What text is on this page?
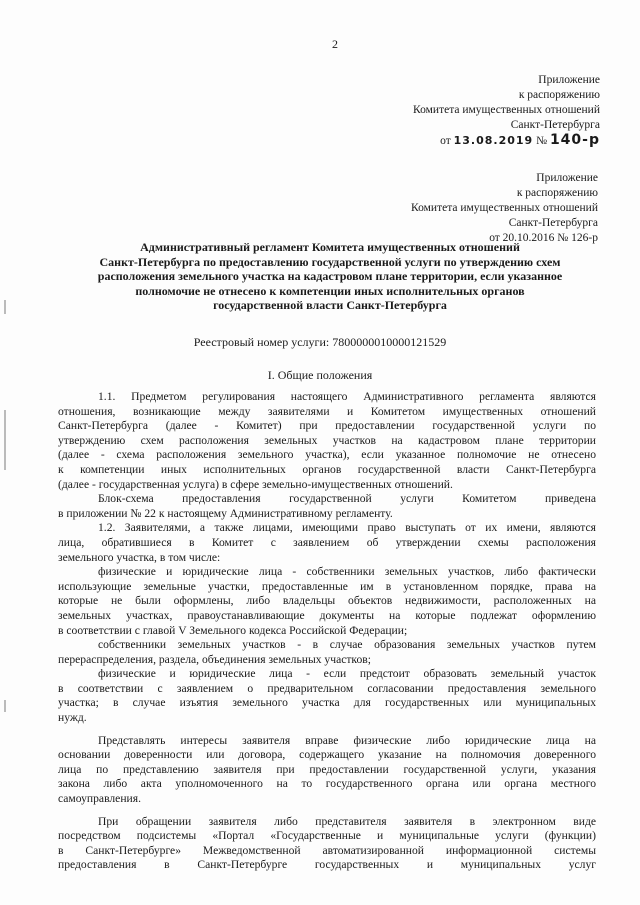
2
Приложение
к распоряжению
Комитета имущественных отношений
Санкт-Петербурга
от 13.08.2019 № 140-р
Приложение
к распоряжению
Комитета имущественных отношений
Санкт-Петербурга
от 20.10.2016 № 126-р
Административный регламент Комитета имущественных отношений
Санкт-Петербурга по предоставлению государственной услуги по утверждению схем
расположения земельного участка на кадастровом плане территории, если указанное
полномочие не отнесено к компетенции иных исполнительных органов
государственной власти Санкт-Петербурга
Реестровый номер услуги: 7800000010000121529
I. Общие положения
1.1. Предметом регулирования настоящего Административного регламента являются
отношения, возникающие между заявителями и Комитетом имущественных отношений
Санкт-Петербурга (далее - Комитет) при предоставлении государственной услуги по
утверждению схем расположения земельных участков на кадастровом плане территории
(далее - схема расположения земельного участка), если указанное полномочие не отнесено
к компетенции иных исполнительных органов государственной власти Санкт-Петербурга
(далее - государственная услуга) в сфере земельно-имущественных отношений.
Блок-схема предоставления государственной услуги Комитетом приведена
в приложении № 22 к настоящему Административному регламенту.
1.2. Заявителями, а также лицами, имеющими право выступать от их имени, являются
лица, обратившиеся в Комитет с заявлением об утверждении схемы расположения
земельного участка, в том числе:
физические и юридические лица - собственники земельных участков, либо фактически
использующие земельные участки, предоставленные им в установленном порядке, права на
которые не были оформлены, либо владельцы объектов недвижимости, расположенных на
земельных участках, правоустанавливающие документы на которые подлежат оформлению
в соответствии с главой V Земельного кодекса Российской Федерации;
собственники земельных участков - в случае образования земельных участков путем
перераспределения, раздела, объединения земельных участков;
физические и юридические лица - если предстоит образовать земельный участок
в соответствии с заявлением о предварительном согласовании предоставления земельного
участка; в случае изъятия земельного участка для государственных или муниципальных
нужд.
Представлять интересы заявителя вправе физические либо юридические лица на
основании доверенности или договора, содержащего указание на полномочия доверенного
лица по представлению заявителя при предоставлении государственной услуги, указания
закона либо акта уполномоченного на то государственного органа или органа местного
самоуправления.
При обращении заявителя либо представителя заявителя в электронном виде
посредством подсистемы «Портал «Государственные и муниципальные услуги (функции)
в Санкт-Петербурге» Межведомственной автоматизированной информационной системы
предоставления в Санкт-Петербурге государственных и муниципальных услуг
